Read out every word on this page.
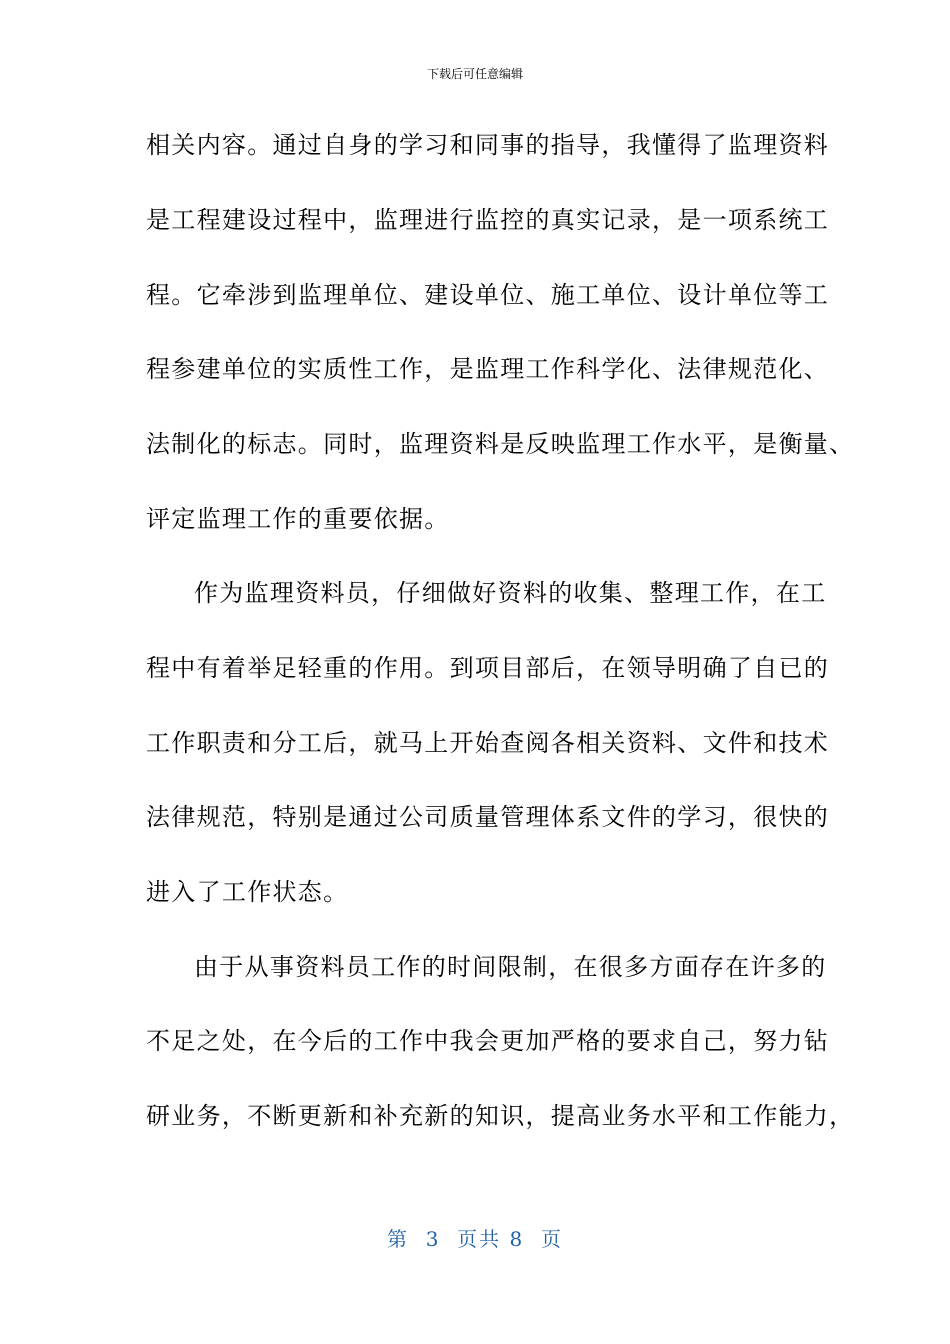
下载后可任意编辑
相关内容。通过自身的学习和同事的指导，我懂得了监理资料
是工程建设过程中，监理进行监控的真实记录，是一项系统工
程。它牵涉到监理单位、建设单位、施工单位、设计单位等工
程参建单位的实质性工作，是监理工作科学化、法律规范化、
法制化的标志。同时，监理资料是反映监理工作水平，是衡量、
评定监理工作的重要依据。
作为监理资料员，仔细做好资料的收集、整理工作，在工
程中有着举足轻重的作用。到项目部后，在领导明确了自已的
工作职责和分工后，就马上开始查阅各相关资料、文件和技术
法律规范，特别是通过公司质量管理体系文件的学习，很快的
进入了工作状态。
由于从事资料员工作的时间限制，在很多方面存在许多的
不足之处，在今后的工作中我会更加严格的要求自己，努力钻
研业务，不断更新和补充新的知识，提高业务水平和工作能力，
第  3  页共 8  页
